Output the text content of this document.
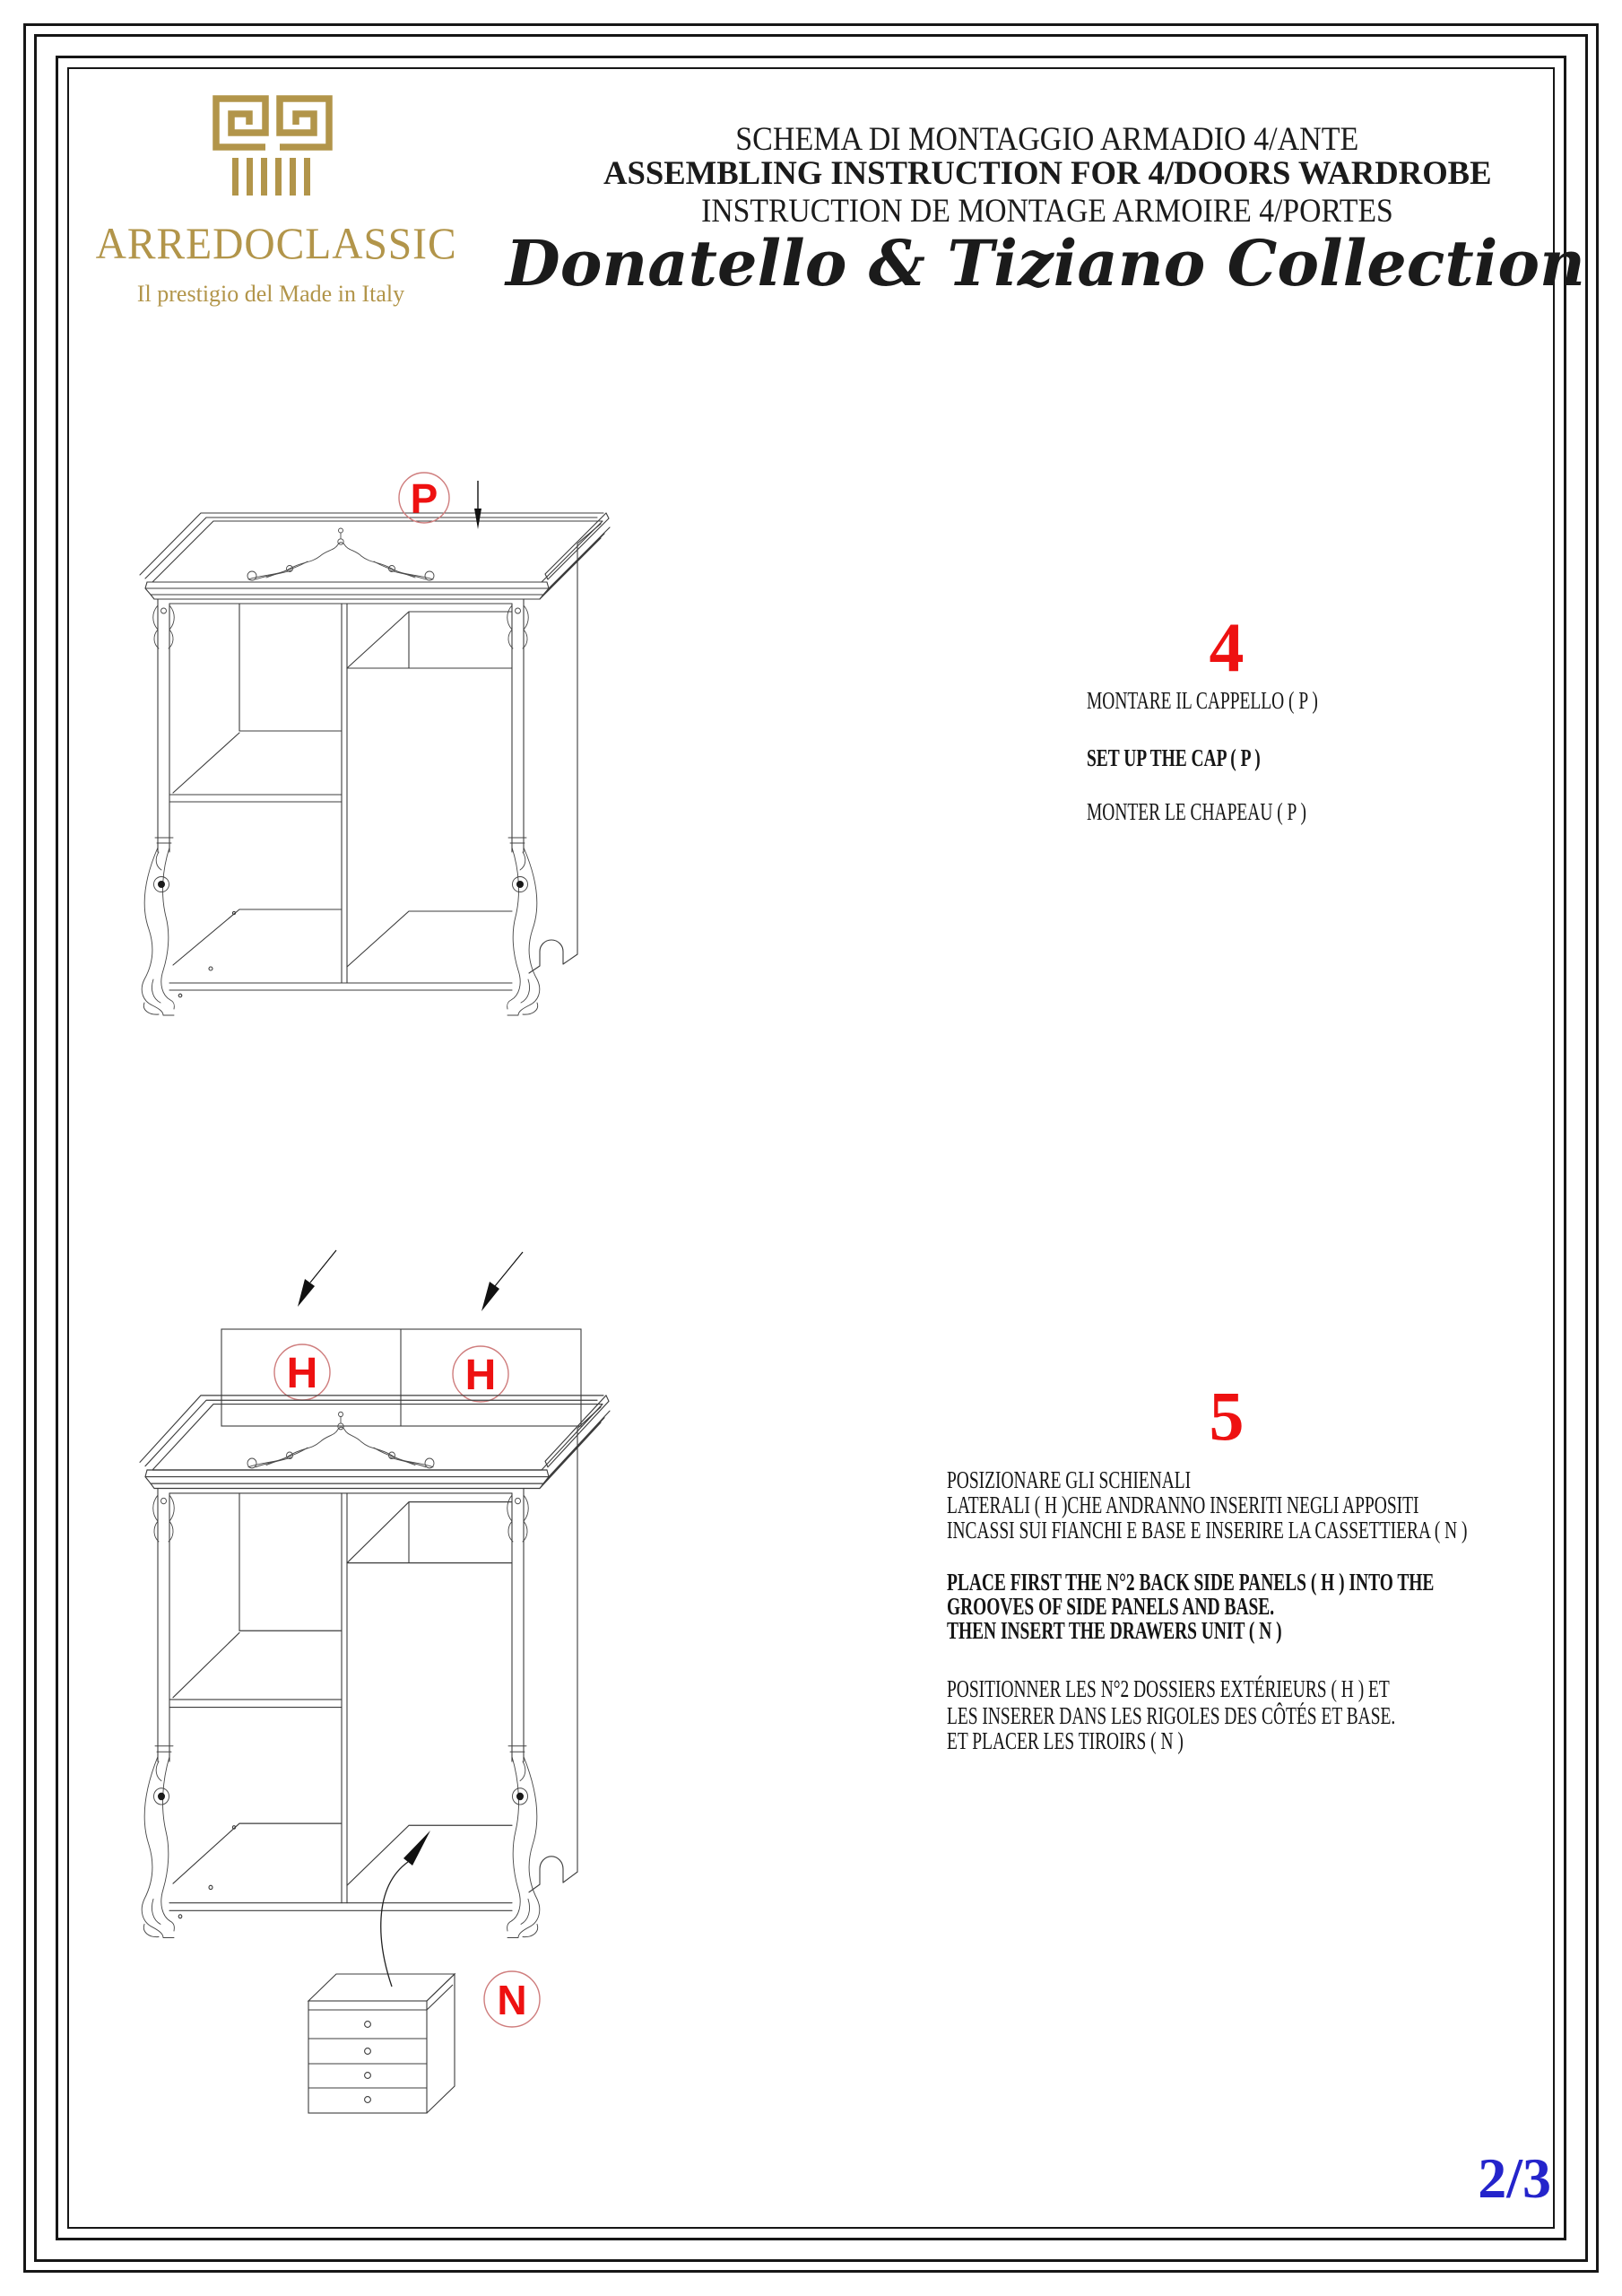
ARREDOCLASSIC
Il prestigio del Made in Italy
SCHEMA DI MONTAGGIO ARMADIO 4/ANTE
ASSEMBLING INSTRUCTION FOR 4/DOORS WARDROBE
INSTRUCTION DE MONTAGE ARMOIRE 4/PORTES
Donatello & Tiziano Collection
P
4
MONTARE IL CAPPELLO ( P )
SET UP THE CAP ( P )
MONTER LE CHAPEAU ( P )
H	H
N
5
POSIZIONARE GLI SCHIENALI
LATERALI ( H )CHE ANDRANNO INSERITI NEGLI APPOSITI
INCASSI SUI FIANCHI E BASE E INSERIRE LA CASSETTIERA ( N )
PLACE FIRST THE N°2 BACK SIDE PANELS ( H ) INTO THE
GROOVES OF SIDE PANELS AND BASE.
THEN INSERT THE DRAWERS UNIT ( N )
POSITIONNER LES N°2 DOSSIERS EXTÉRIEURS ( H ) ET
LES INSERER DANS LES RIGOLES DES CÔTÉS ET BASE.
ET PLACER LES TIROIRS ( N )
2/3
